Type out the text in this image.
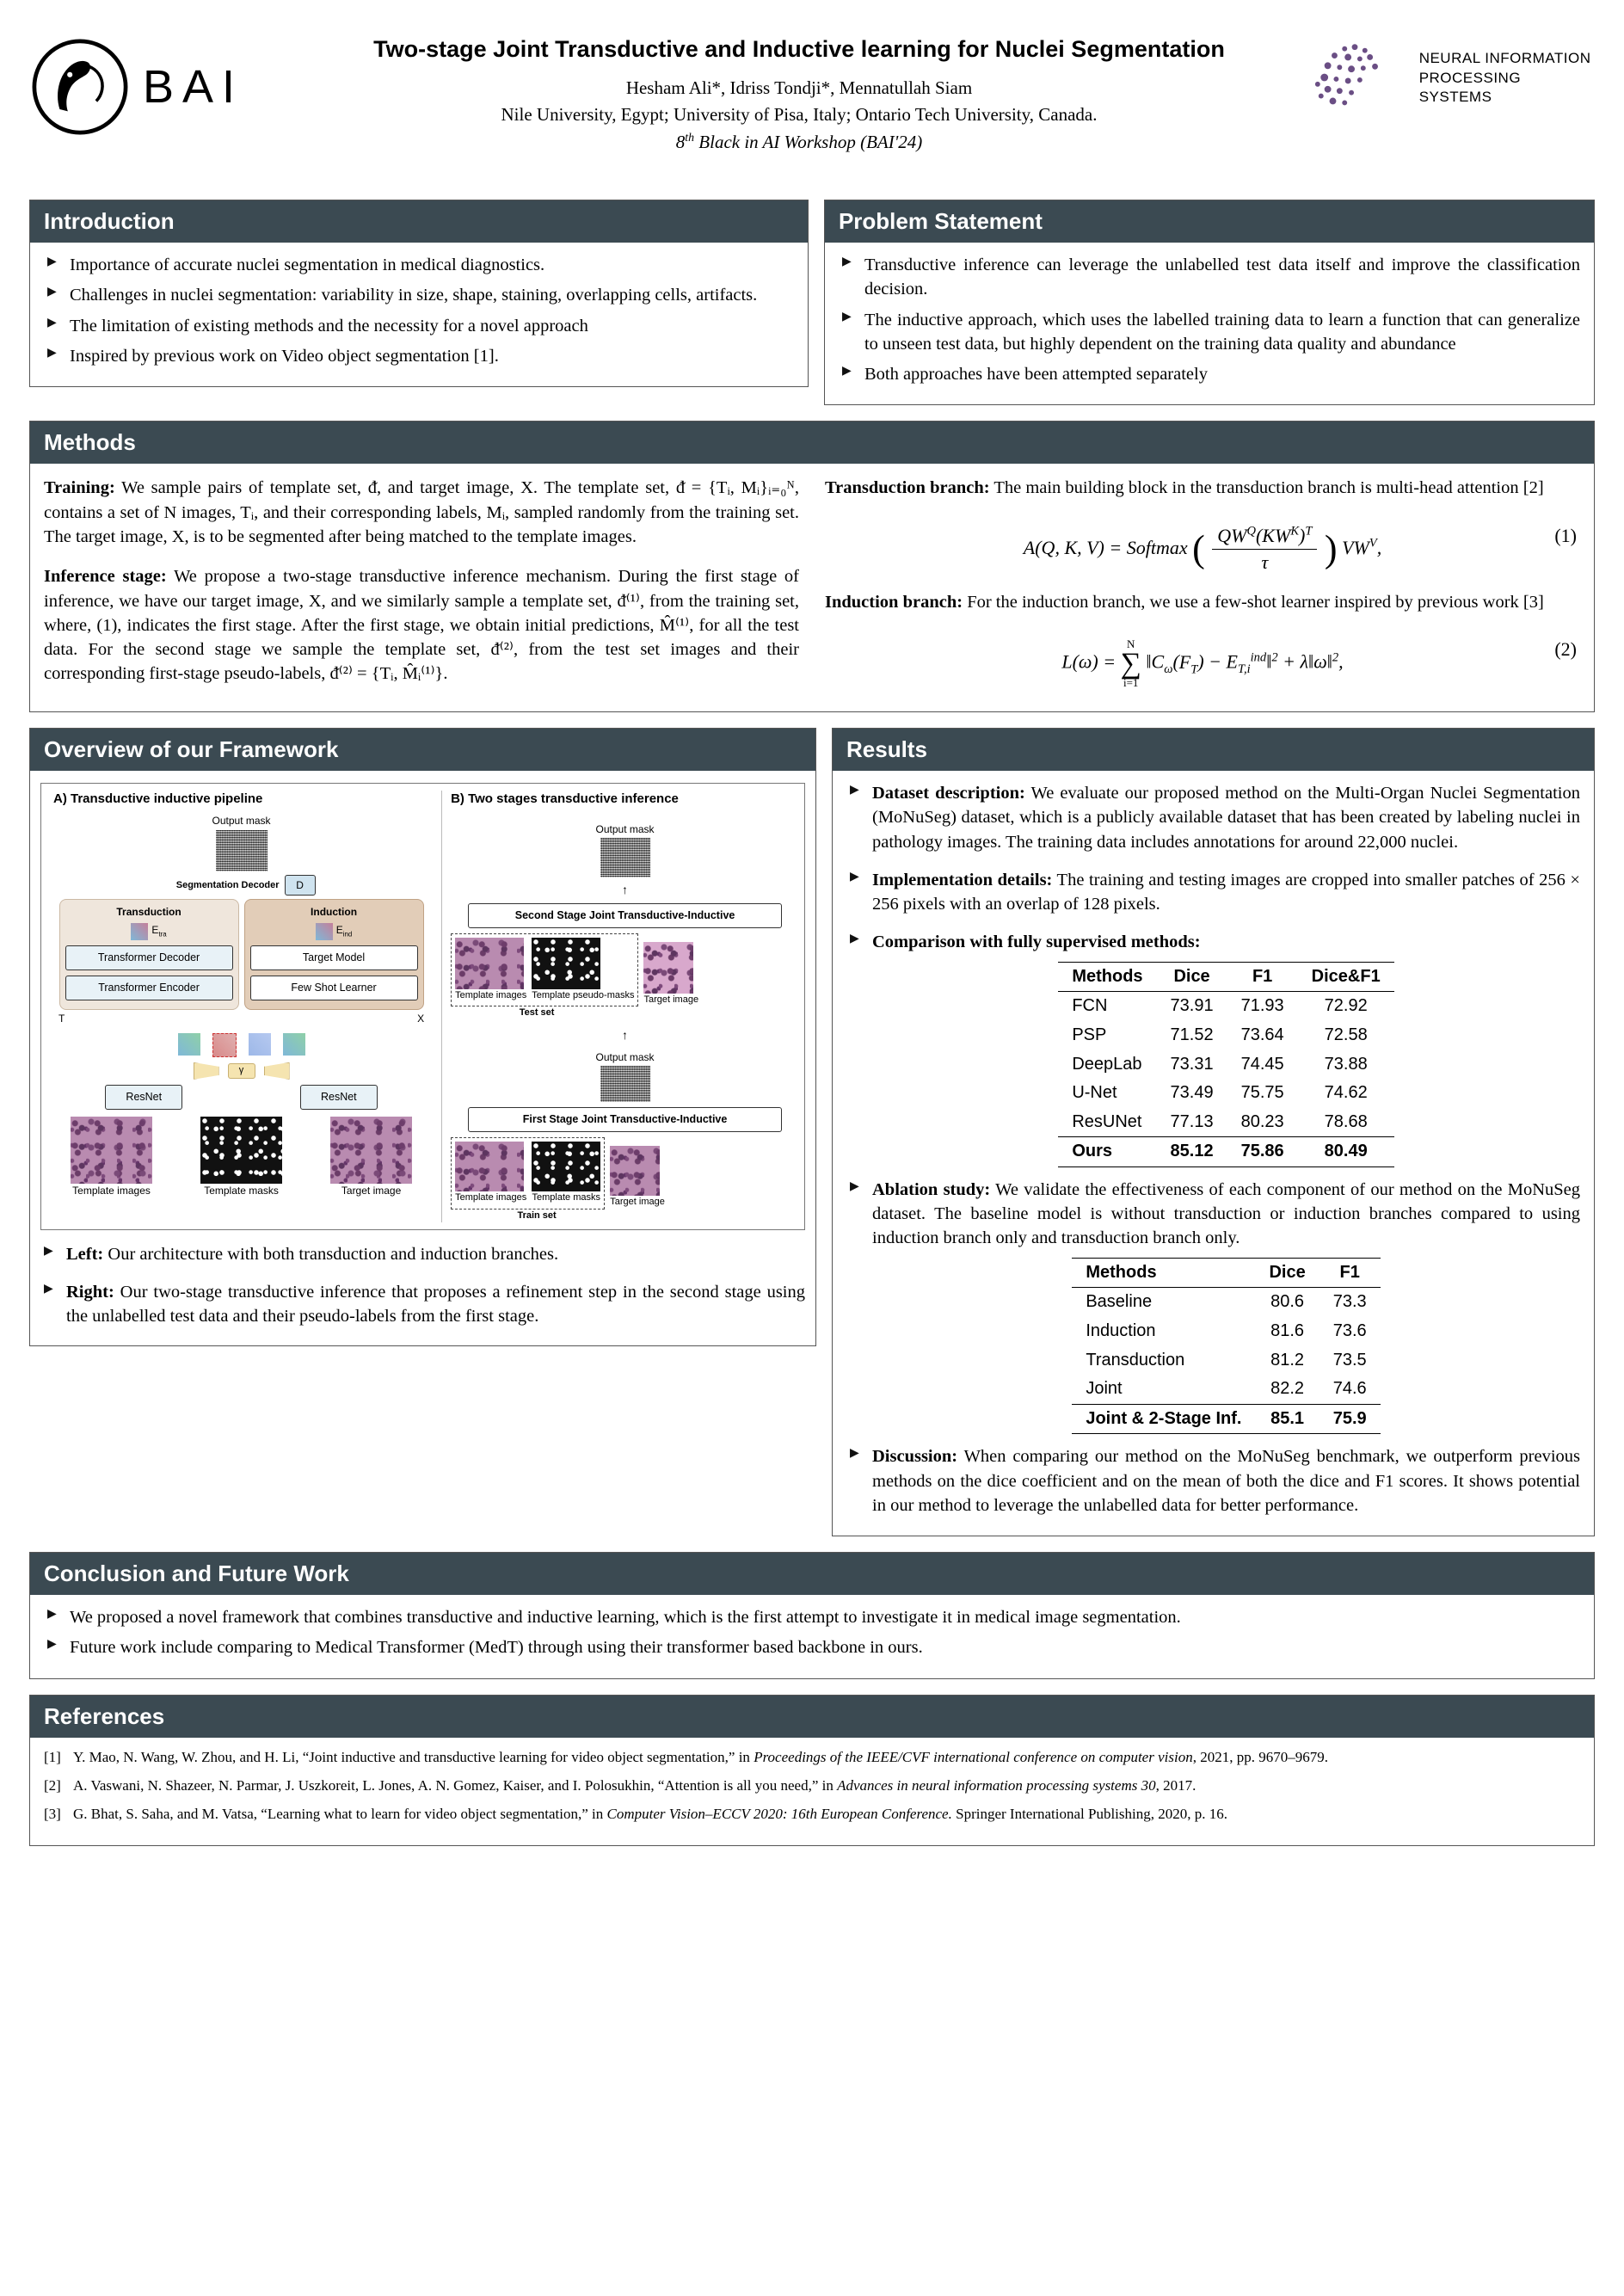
BAI
Two-stage Joint Transductive and Inductive learning for Nuclei Segmentation
Hesham Ali*, Idriss Tondji*, Mennatullah Siam
Nile University, Egypt; University of Pisa, Italy; Ontario Tech University, Canada.
8th Black in AI Workshop (BAI'24)
NEURAL INFORMATION
PROCESSING SYSTEMS
Introduction
▶ Importance of accurate nuclei segmentation in medical diagnostics.
▶ Challenges in nuclei segmentation: variability in size, shape, staining, overlapping cells, artifacts.
▶ The limitation of existing methods and the necessity for a novel approach
▶ Inspired by previous work on Video object segmentation [1].
Problem Statement
▶ Transductive inference can leverage the unlabelled test data itself and improve the classification decision.
▶ The inductive approach, which uses the labelled training data to learn a function that can generalize to unseen test data, but highly dependent on the training data quality and abundance
▶ Both approaches have been attempted separately
Methods

Training: We sample pairs of template set, ᵭ, and target image, X. The template set, ᵭ = {Tᵢ, Mᵢ}ᵢ₌₀ᴺ, contains a set of N images, Tᵢ, and their corresponding labels, Mᵢ, sampled randomly from the training set. The target image, X, is to be segmented after being matched to the template images.

Inference stage: We propose a two-stage transductive inference mechanism. During the first stage of inference, we have our target image, X, and we similarly sample a template set, ᵭ⁽¹⁾, from the training set, where, (1), indicates the first stage. After the first stage, we obtain initial predictions, M̂⁽¹⁾, for all the test data. For the second stage we sample the template set, ᵭ⁽²⁾, from the test set images and their corresponding first-stage pseudo-labels, ᵭ⁽²⁾ = {Tᵢ, M̂ᵢ⁽¹⁾}.

Transduction branch: The main building block in the transduction branch is multi-head attention [2]

A(Q, K, V) = Softmax ( $\frac{QW^Q(KW^K)^T}{\tau}$ ) $VW^V$,
(1)

Induction branch: For the induction branch, we use a few-shot learner inspired by previous work [3]

L(ω) =
N
∑
i=1
$‖C_\omega(F_T)$ − $E_{T,i}^{ind}‖^2$ + λ‖ω‖$^2$,
(2)
Overview of our Framework
A) Transductive inductive pipeline
Output mask
Segmentation Decoder	D
Transduction
$E_{tra}$
Transformer Decoder
Transformer Encoder
Induction
$E_{ind}$
Target Model
Few Shot Learner
T	X
γ
ResNet	ResNet
Template images	Template masks	Target image
B) Two stages transductive inference
Output mask
↑
Second Stage Joint Transductive-Inductive
Template images Template pseudo-masks Target image
Test set
↑
Output mask
First Stage Joint Transductive-Inductive
Template images Template masks Target image
Train set
▶ Left: Our architecture with both transduction and induction branches.
▶ Right: Our two-stage transductive inference that proposes a refinement step in the second stage using the unlabelled test data and their pseudo-labels from the first stage.
Results
▶ Dataset description: We evaluate our proposed method on the Multi-Organ Nuclei Segmentation (MoNuSeg) dataset, which is a publicly available dataset that has been created by labeling nuclei in pathology images. The training data includes annotations for around 22,000 nuclei.
▶ Implementation details: The training and testing images are cropped into smaller patches of 256 × 256 pixels with an overlap of 128 pixels.
▶ Comparison with fully supervised methods:
Methods	Dice	F1	Dice&F1
FCN	73.91	71.93	72.92
PSP	71.52	73.64	72.58
DeepLab	73.31	74.45	73.88
U-Net	73.49	75.75	74.62
ResUNet	77.13	80.23	78.68
Ours	85.12	75.86	80.49
▶ Ablation study: We validate the effectiveness of each component of our method on the MoNuSeg dataset. The baseline model is without transduction or induction branches compared to using induction branch only and transduction branch only.
Methods	Dice	F1
Baseline	80.6	73.3
Induction	81.6	73.6
Transduction	81.2	73.5
Joint	82.2	74.6
Joint & 2-Stage Inf.	85.1	75.9
▶ Discussion: When comparing our method on the MoNuSeg benchmark, we outperform previous methods on the dice coefficient and on the mean of both the dice and F1 scores. It shows potential in our method to leverage the unlabelled data for better performance.
Conclusion and Future Work
▶ We proposed a novel framework that combines transductive and inductive learning, which is the first attempt to investigate it in medical image segmentation.
▶ Future work include comparing to Medical Transformer (MedT) through using their transformer based backbone in ours.
References
[1] Y. Mao, N. Wang, W. Zhou, and H. Li, “Joint inductive and transductive learning for video object segmentation,” in Proceedings of the IEEE/CVF international conference on computer vision, 2021, pp. 9670–9679.
[2] A. Vaswani, N. Shazeer, N. Parmar, J. Uszkoreit, L. Jones, A. N. Gomez, Kaiser, and I. Polosukhin, “Attention is all you need,” in Advances in neural information processing systems 30, 2017.
[3] G. Bhat, S. Saha, and M. Vatsa, “Learning what to learn for video object segmentation,” in Computer Vision–ECCV 2020: 16th European Conference. Springer International Publishing, 2020, p. 16.
